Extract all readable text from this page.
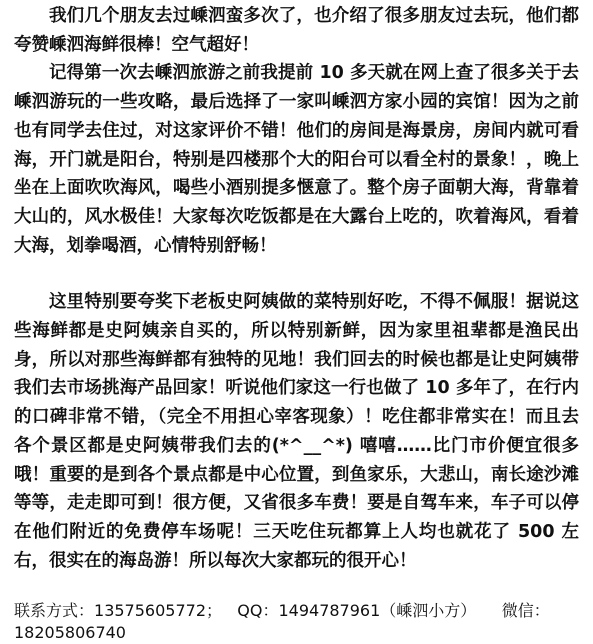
我们几个朋友去过嵊泗蛮多次了，也介绍了很多朋友过去玩，他们都夸赞嵊泗海鲜很棒！空气超好！

记得第一次去嵊泗旅游之前我提前 10 多天就在网上查了很多关于去嵊泗游玩的一些攻略，最后选择了一家叫嵊泗方家小园的宾馆！因为之前也有同学去住过，对这家评价不错！他们的房间是海景房，房间内就可看海，开门就是阳台，特别是四楼那个大的阳台可以看全村的景象！，晚上坐在上面吹吹海风，喝些小酒别提多惬意了。整个房子面朝大海，背靠着大山的，风水极佳！大家每次吃饭都是在大露台上吃的，吹着海风，看着大海，划拳喝酒，心情特别舒畅！

这里特别要夸奖下老板史阿姨做的菜特别好吃，不得不佩服！据说这些海鲜都是史阿姨亲自买的，所以特别新鲜，因为家里祖辈都是渔民出身，所以对那些海鲜都有独特的见地！我们回去的时候也都是让史阿姨带我们去市场挑海产品回家！听说他们家这一行也做了 10 多年了，在行内的口碑非常不错，（完全不用担心宰客现象）！吃住都非常实在！而且去各个景区都是史阿姨带我们去的(*^__^*) 嘻嘻……比门市价便宜很多哦！重要的是到各个景点都是中心位置，到鱼家乐，大悲山，南长途沙滩等等，走走即可到！很方便，又省很多车费！要是自驾车来，车子可以停在他们附近的免费停车场呢！三天吃住玩都算上人均也就花了 500 左右，很实在的海岛游！所以每次大家都玩的很开心！

联系方式：13575605772； QQ：1494787961（嵊泗小方） 微信：18205806740
